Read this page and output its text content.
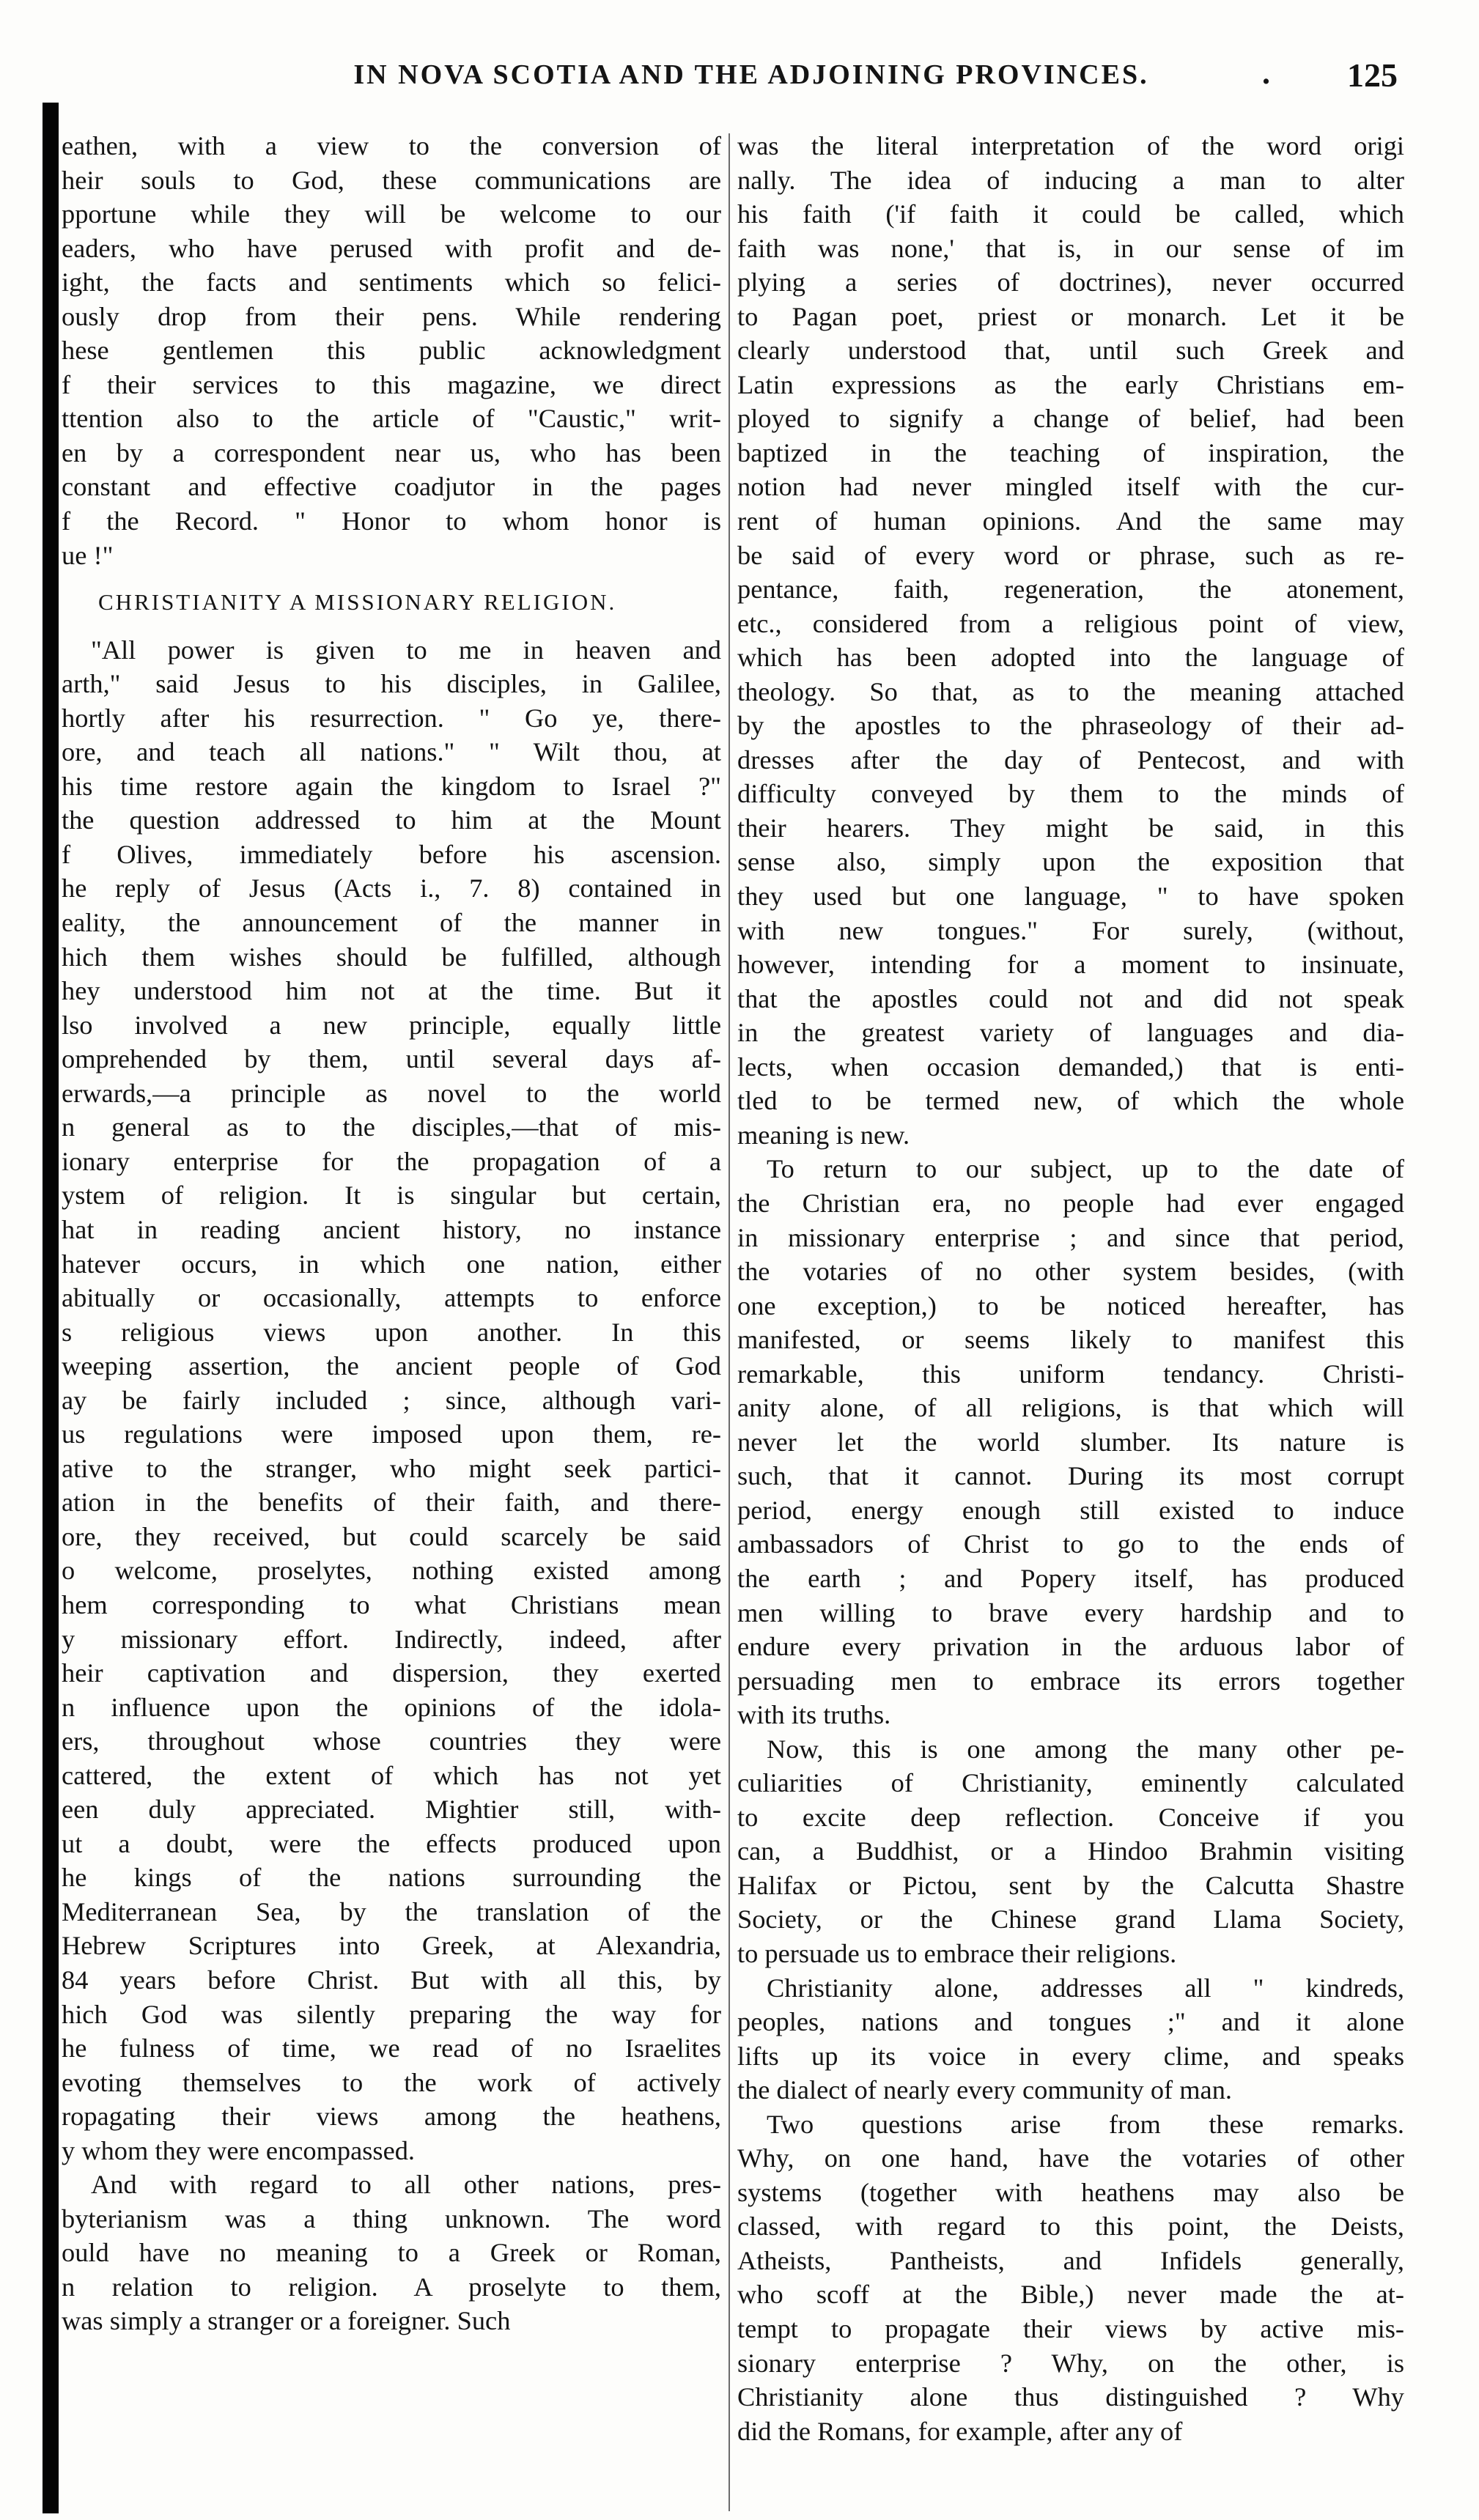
IN NOVA SCOTIA AND THE ADJOINING PROVINCES.	. 125
eathen, with a view to the conversion of
heir souls to God, these communications are
pportune while they will be welcome to our
eaders, who have perused with profit and de-
ight, the facts and sentiments which so felici-
ously drop from their pens. While rendering
hese gentlemen this public acknowledgment
f their services to this magazine, we direct
ttention also to the article of "Caustic," writ-
en by a correspondent near us, who has been
constant and effective coadjutor in the pages
f the Record. " Honor to whom honor is
ue !"
CHRISTIANITY A MISSIONARY RELIGION.
"All power is given to me in heaven and
arth," said Jesus to his disciples, in Galilee,
hortly after his resurrection. " Go ye, there-
ore, and teach all nations." " Wilt thou, at
his time restore again the kingdom to Israel ?"
the question addressed to him at the Mount
f Olives, immediately before his ascension.
he reply of Jesus (Acts i., 7. 8) contained in
eality, the announcement of the manner in
hich them wishes should be fulfilled, although
hey understood him not at the time. But it
lso involved a new principle, equally little
omprehended by them, until several days af-
erwards,—a principle as novel to the world
n general as to the disciples,—that of mis-
ionary enterprise for the propagation of a
ystem of religion. It is singular but certain,
hat in reading ancient history, no instance
hatever occurs, in which one nation, either
abitually or occasionally, attempts to enforce
s religious views upon another. In this
weeping assertion, the ancient people of God
ay be fairly included ; since, although vari-
us regulations were imposed upon them, re-
ative to the stranger, who might seek partici-
ation in the benefits of their faith, and there-
ore, they received, but could scarcely be said
o welcome, proselytes, nothing existed among
hem corresponding to what Christians mean
y missionary effort. Indirectly, indeed, after
heir captivation and dispersion, they exerted
n influence upon the opinions of the idola-
ers, throughout whose countries they were
cattered, the extent of which has not yet
een duly appreciated. Mightier still, with-
ut a doubt, were the effects produced upon
he kings of the nations surrounding the
Mediterranean Sea, by the translation of the
Hebrew Scriptures into Greek, at Alexandria,
84 years before Christ. But with all this, by
hich God was silently preparing the way for
he fulness of time, we read of no Israelites
evoting themselves to the work of actively
ropagating their views among the heathens,
y whom they were encompassed.
And with regard to all other nations, pres-
byterianism was a thing unknown. The word
ould have no meaning to a Greek or Roman,
n relation to religion. A proselyte to them,
was simply a stranger or a foreigner. Such
was the literal interpretation of the word origi
nally. The idea of inducing a man to alter
his faith ('if faith it could be called, which
faith was none,' that is, in our sense of im
plying a series of doctrines), never occurred
to Pagan poet, priest or monarch. Let it be
clearly understood that, until such Greek and
Latin expressions as the early Christians em-
ployed to signify a change of belief, had been
baptized in the teaching of inspiration, the
notion had never mingled itself with the cur-
rent of human opinions. And the same may
be said of every word or phrase, such as re-
pentance, faith, regeneration, the atonement,
etc., considered from a religious point of view,
which has been adopted into the language of
theology. So that, as to the meaning attached
by the apostles to the phraseology of their ad-
dresses after the day of Pentecost, and with
difficulty conveyed by them to the minds of
their hearers. They might be said, in this
sense also, simply upon the exposition that
they used but one language, " to have spoken
with new tongues." For surely, (without,
however, intending for a moment to insinuate,
that the apostles could not and did not speak
in the greatest variety of languages and dia-
lects, when occasion demanded,) that is enti-
tled to be termed new, of which the whole
meaning is new.
To return to our subject, up to the date of
the Christian era, no people had ever engaged
in missionary enterprise ; and since that period,
the votaries of no other system besides, (with
one exception,) to be noticed hereafter, has
manifested, or seems likely to manifest this
remarkable, this uniform tendancy. Christi-
anity alone, of all religions, is that which will
never let the world slumber. Its nature is
such, that it cannot. During its most corrupt
period, energy enough still existed to induce
ambassadors of Christ to go to the ends of
the earth ; and Popery itself, has produced
men willing to brave every hardship and to
endure every privation in the arduous labor of
persuading men to embrace its errors together
with its truths.
Now, this is one among the many other pe-
culiarities of Christianity, eminently calculated
to excite deep reflection. Conceive if you
can, a Buddhist, or a Hindoo Brahmin visiting
Halifax or Pictou, sent by the Calcutta Shastre
Society, or the Chinese grand Llama Society,
to persuade us to embrace their religions.
Christianity alone, addresses all " kindreds,
peoples, nations and tongues ;" and it alone
lifts up its voice in every clime, and speaks
the dialect of nearly every community of man.
Two questions arise from these remarks.
Why, on one hand, have the votaries of other
systems (together with heathens may also be
classed, with regard to this point, the Deists,
Atheists, Pantheists, and Infidels generally,
who scoff at the Bible,) never made the at-
tempt to propagate their views by active mis-
sionary enterprise ? Why, on the other, is
Christianity alone thus distinguished ? Why
did the Romans, for example, after any of
